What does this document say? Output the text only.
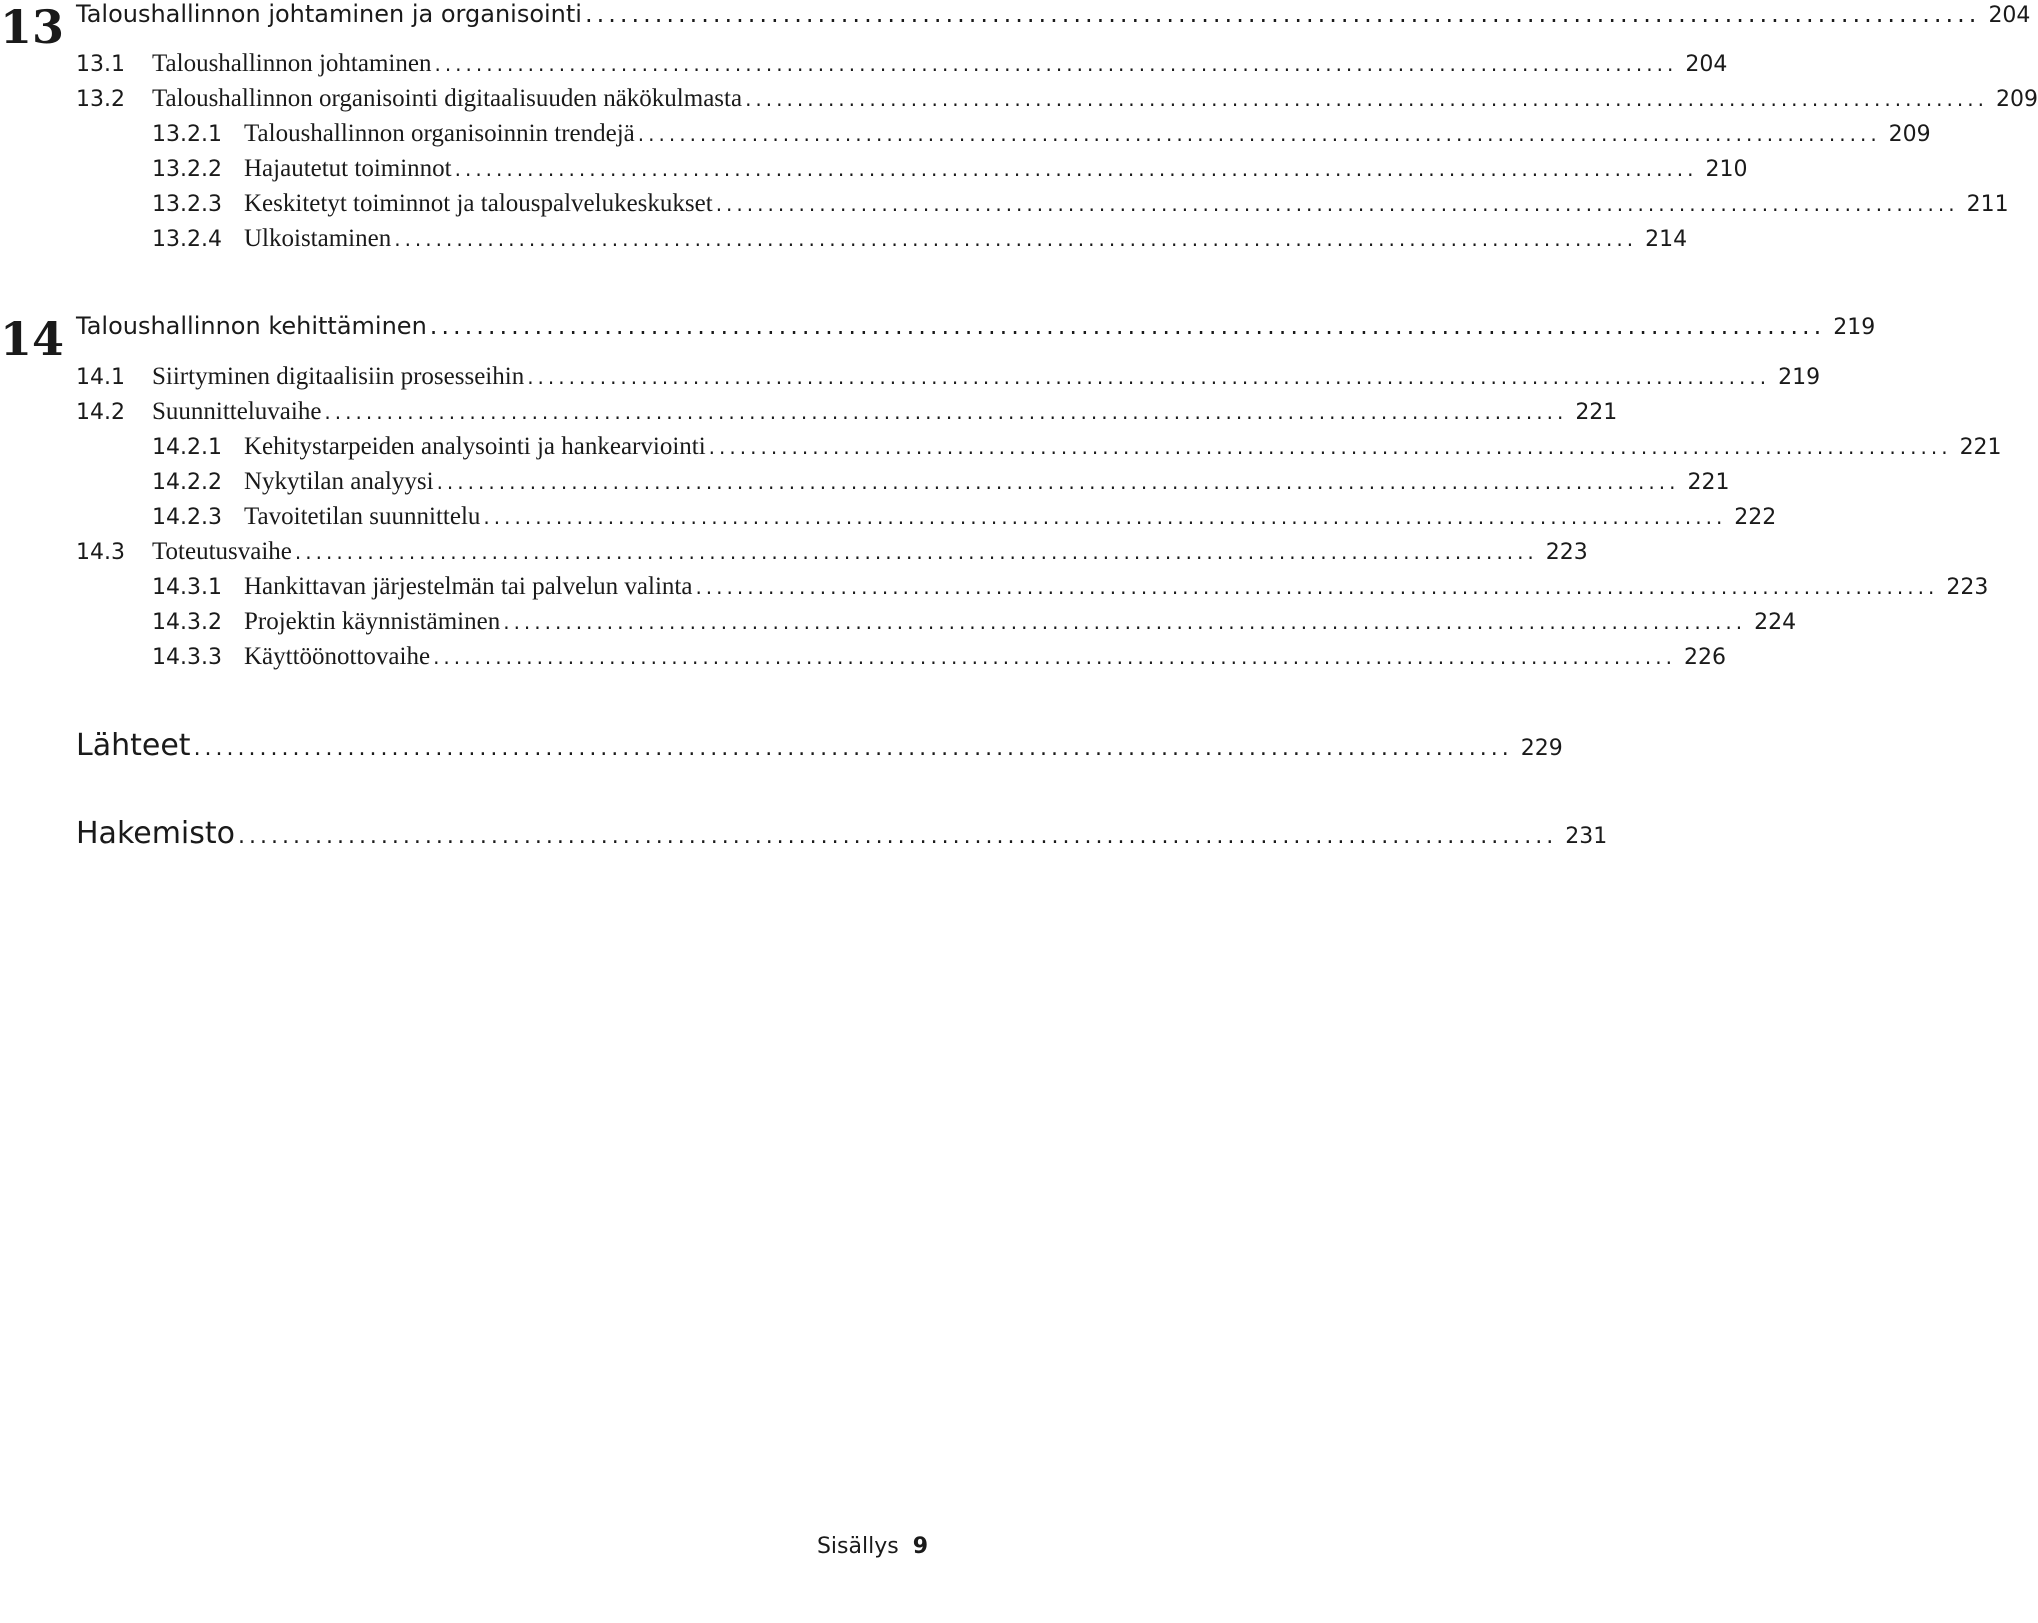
13 Taloushallinnon johtaminen ja organisointi ........................................................................................................................ 204
13.1	Taloushallinnon johtaminen ........................................................................................................................ 204
13.2	Taloushallinnon organisointi digitaalisuuden näkökulmasta ........................................................................................................................ 209
13.2.1 Taloushallinnon organisoinnin trendejä ........................................................................................................................ 209
13.2.2 Hajautetut toiminnot ........................................................................................................................ 210
13.2.3 Keskitetyt toiminnot ja talouspalvelukeskukset ........................................................................................................................ 211
13.2.4 Ulkoistaminen ........................................................................................................................ 214
14 Taloushallinnon kehittäminen ........................................................................................................................ 219
14.1	Siirtyminen digitaalisiin prosesseihin ........................................................................................................................ 219
14.2	Suunnitteluvaihe ........................................................................................................................ 221
14.2.1 Kehitystarpeiden analysointi ja hankearviointi ........................................................................................................................ 221
14.2.2 Nykytilan analyysi ........................................................................................................................ 221
14.2.3 Tavoitetilan suunnittelu ........................................................................................................................ 222
14.3	Toteutusvaihe ........................................................................................................................ 223
14.3.1 Hankittavan järjestelmän tai palvelun valinta ........................................................................................................................ 223
14.3.2 Projektin käynnistäminen ........................................................................................................................ 224
14.3.3 Käyttöönottovaihe ........................................................................................................................ 226
Lähteet ........................................................................................................................ 229
Hakemisto ........................................................................................................................ 231
Sisällys 9
